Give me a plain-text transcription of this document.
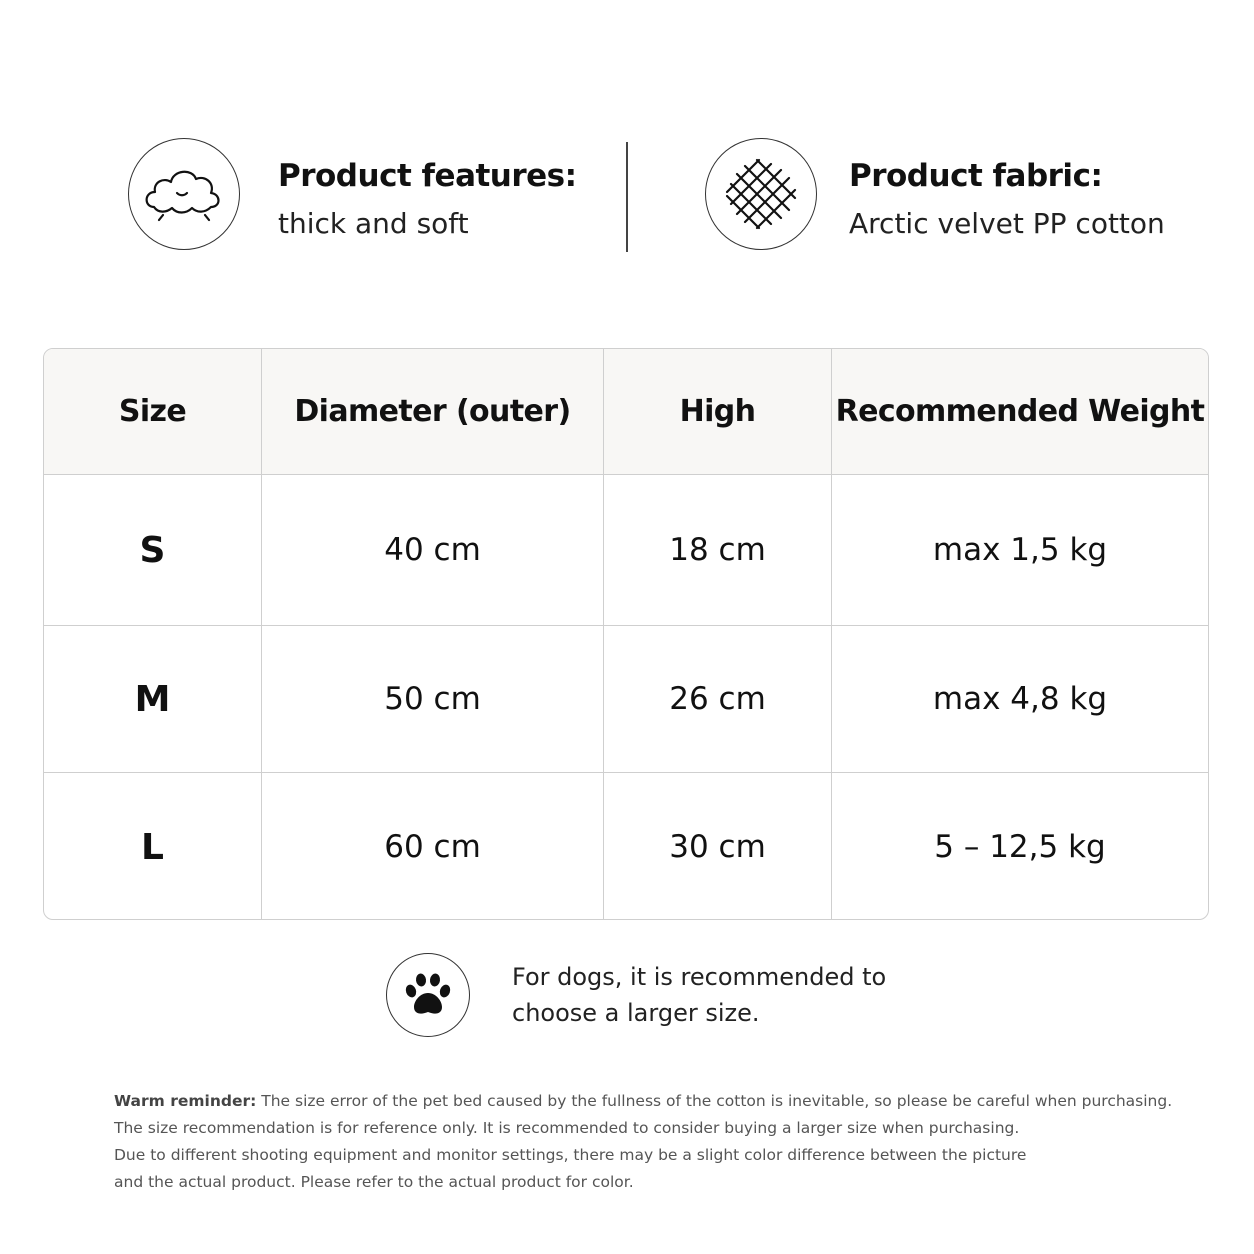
Product features:
thick and soft
Product fabric:
Arctic velvet PP cotton
Size	Diameter (outer)	High	Recommended Weight
S	40 cm	18 cm	max 1,5 kg
M	50 cm	26 cm	max 4,8 kg
L	60 cm	30 cm	5 – 12,5 kg
For dogs, it is recommended to
choose a larger size.
Warm reminder: The size error of the pet bed caused by the fullness of the cotton is inevitable, so please be careful when purchasing.
The size recommendation is for reference only. It is recommended to consider buying a larger size when purchasing.
Due to different shooting equipment and monitor settings, there may be a slight color difference between the picture
and the actual product. Please refer to the actual product for color.
